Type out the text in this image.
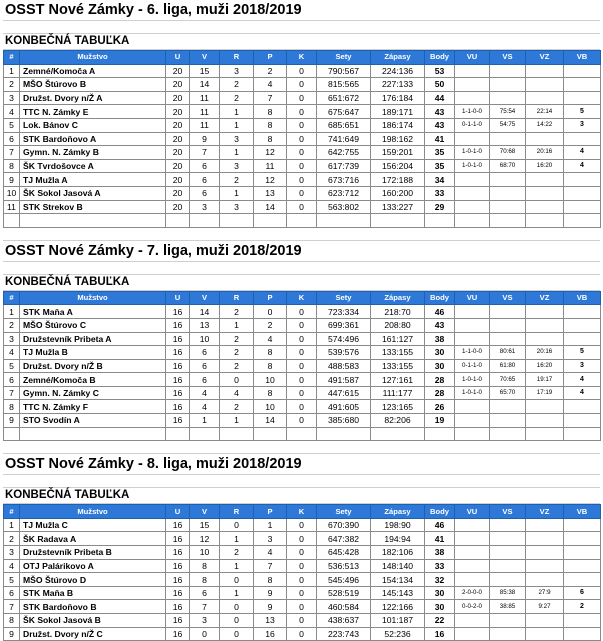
OSST Nové Zámky - 6. liga, muži 2018/2019
KONBEČNÁ TABUĽKA
#	Mužstvo	U	V	R	P	K	Sety	Zápasy	Body	VU	VS	VZ	VB
1	Zemné/Komoča A	20	15	3	2	0	790:567	224:136	53				
2	MŠO Štúrovo B	20	14	2	4	0	815:565	227:133	50				
3	Družst. Dvory n/Ž A	20	11	2	7	0	651:672	176:184	44				
4	TTC N. Zámky E	20	11	1	8	0	675:647	189:171	43	1-1-0-0	75:54	22:14	5
5	Lok. Bánov C	20	11	1	8	0	685:651	186:174	43	0-1-1-0	54:75	14:22	3
6	STK Bardoňovo A	20	9	3	8	0	741:649	198:162	41				
7	Gymn. N. Zámky B	20	7	1	12	0	642:755	159:201	35	1-0-1-0	70:68	20:16	4
8	ŠK Tvrdošovce A	20	6	3	11	0	617:739	156:204	35	1-0-1-0	68:70	16:20	4
9	TJ Mužla A	20	6	2	12	0	673:716	172:188	34				
10	ŠK Sokol Jasová A	20	6	1	13	0	623:712	160:200	33				
11	STK Strekov B	20	3	3	14	0	563:802	133:227	29				

OSST Nové Zámky - 7. liga, muži 2018/2019
KONBEČNÁ TABUĽKA
#	Mužstvo	U	V	R	P	K	Sety	Zápasy	Body	VU	VS	VZ	VB
1	STK Maňa A	16	14	2	0	0	723:334	218:70	46				
2	MŠO Štúrovo C	16	13	1	2	0	699:361	208:80	43				
3	Družstevník Pribeta A	16	10	2	4	0	574:496	161:127	38				
4	TJ Mužla B	16	6	2	8	0	539:576	133:155	30	1-1-0-0	80:61	20:16	5
5	Družst. Dvory n/Ž B	16	6	2	8	0	488:583	133:155	30	0-1-1-0	61:80	16:20	3
6	Zemné/Komoča B	16	6	0	10	0	491:587	127:161	28	1-0-1-0	70:65	19:17	4
7	Gymn. N. Zámky C	16	4	4	8	0	447:615	111:177	28	1-0-1-0	65:70	17:19	4
8	TTC N. Zámky F	16	4	2	10	0	491:605	123:165	26				
9	STO Svodín A	16	1	1	14	0	385:680	82:206	19				

OSST Nové Zámky - 8. liga, muži 2018/2019
KONBEČNÁ TABUĽKA
#	Mužstvo	U	V	R	P	K	Sety	Zápasy	Body	VU	VS	VZ	VB
1	TJ Mužla C	16	15	0	1	0	670:390	198:90	46				
2	ŠK Radava A	16	12	1	3	0	647:382	194:94	41				
3	Družstevník Pribeta B	16	10	2	4	0	645:428	182:106	38				
4	OTJ Palárikovo A	16	8	1	7	0	536:513	148:140	33				
5	MŠO Štúrovo D	16	8	0	8	0	545:496	154:134	32				
6	STK Maňa B	16	6	1	9	0	528:519	145:143	30	2-0-0-0	85:38	27:9	6
7	STK Bardoňovo B	16	7	0	9	0	460:584	122:166	30	0-0-2-0	38:85	9:27	2
8	ŠK Sokol Jasová B	16	3	0	13	0	438:637	101:187	22				
9	Družst. Dvory n/Ž C	16	0	0	16	0	223:743	52:236	16				
